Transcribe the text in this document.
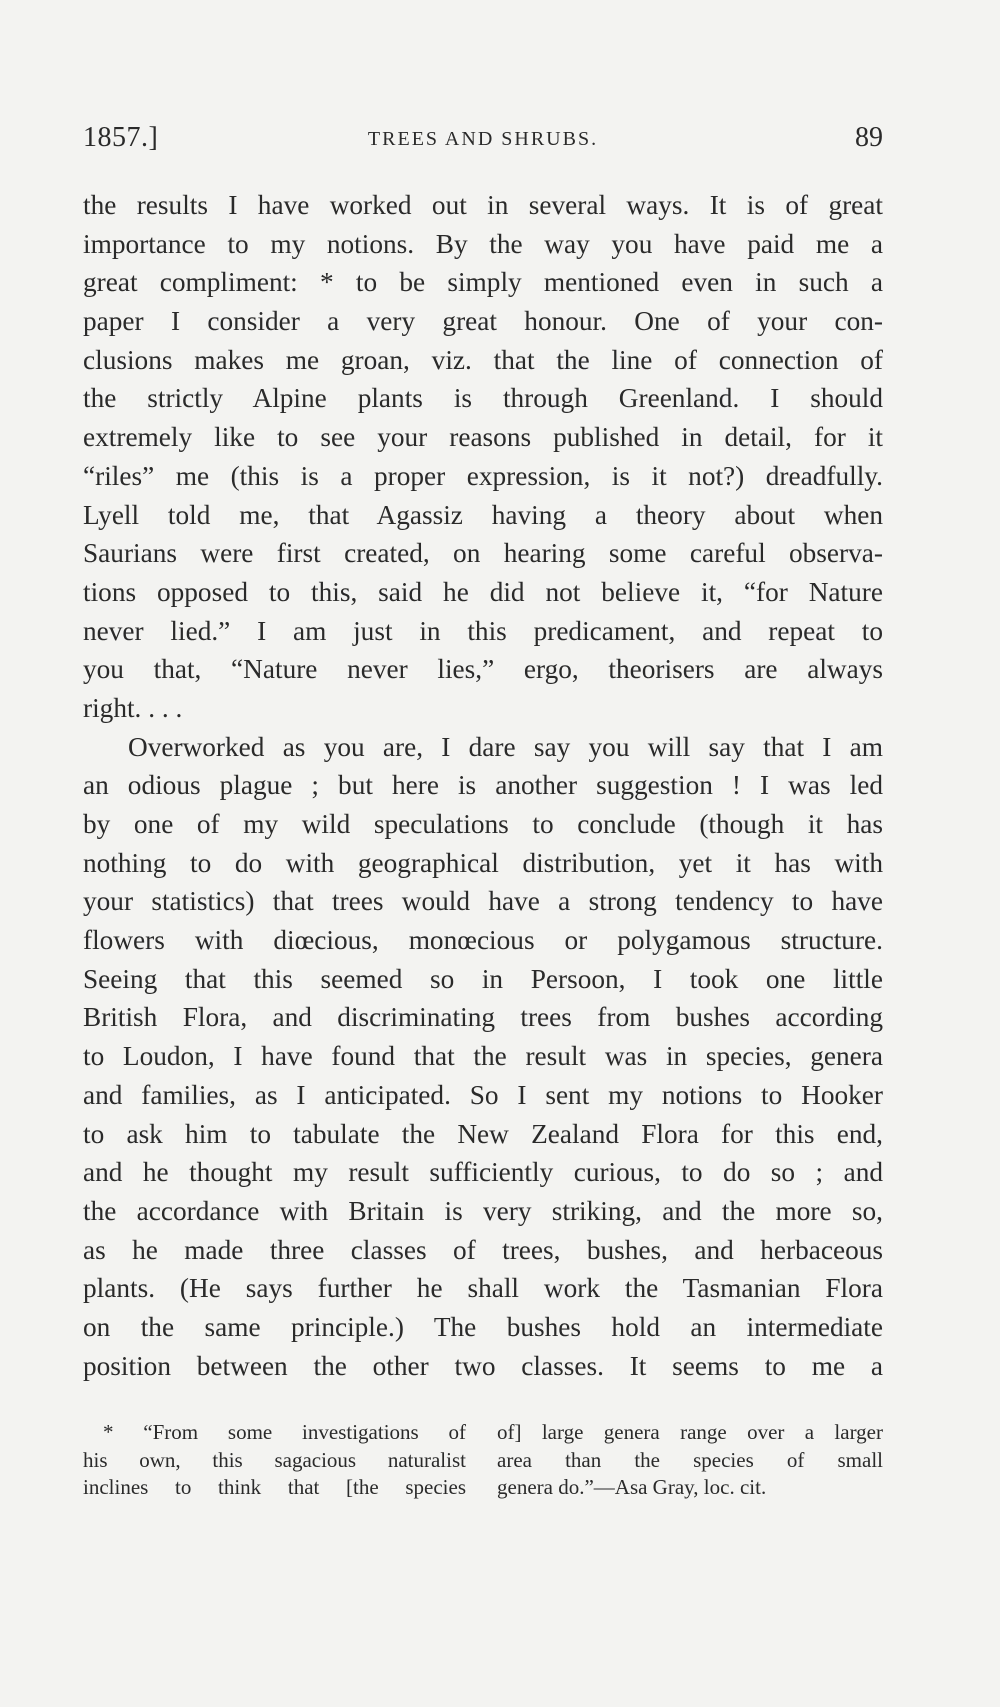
1857.]	TREES AND SHRUBS.	89
the results I have worked out in several ways. It is of great
importance to my notions. By the way you have paid me a
great compliment: * to be simply mentioned even in such a
paper I consider a very great honour. One of your con-
clusions makes me groan, viz. that the line of connection of
the strictly Alpine plants is through Greenland. I should
extremely like to see your reasons published in detail, for it
“riles” me (this is a proper expression, is it not?) dreadfully.
Lyell told me, that Agassiz having a theory about when
Saurians were first created, on hearing some careful observa-
tions opposed to this, said he did not believe it, “for Nature
never lied.” I am just in this predicament, and repeat to
you that, “Nature never lies,” ergo, theorisers are always
right. . . .
Overworked as you are, I dare say you will say that I am
an odious plague ; but here is another suggestion ! I was led
by one of my wild speculations to conclude (though it has
nothing to do with geographical distribution, yet it has with
your statistics) that trees would have a strong tendency to have
flowers with diœcious, monœcious or polygamous structure.
Seeing that this seemed so in Persoon, I took one little
British Flora, and discriminating trees from bushes according
to Loudon, I have found that the result was in species, genera
and families, as I anticipated. So I sent my notions to Hooker
to ask him to tabulate the New Zealand Flora for this end,
and he thought my result sufficiently curious, to do so ; and
the accordance with Britain is very striking, and the more so,
as he made three classes of trees, bushes, and herbaceous
plants. (He says further he shall work the Tasmanian Flora
on the same principle.) The bushes hold an intermediate
position between the other two classes. It seems to me a
* “From some investigations of
his own, this sagacious naturalist
inclines to think that [the species
of] large genera range over a larger
area than the species of small
genera do.”—Asa Gray, loc. cit.
